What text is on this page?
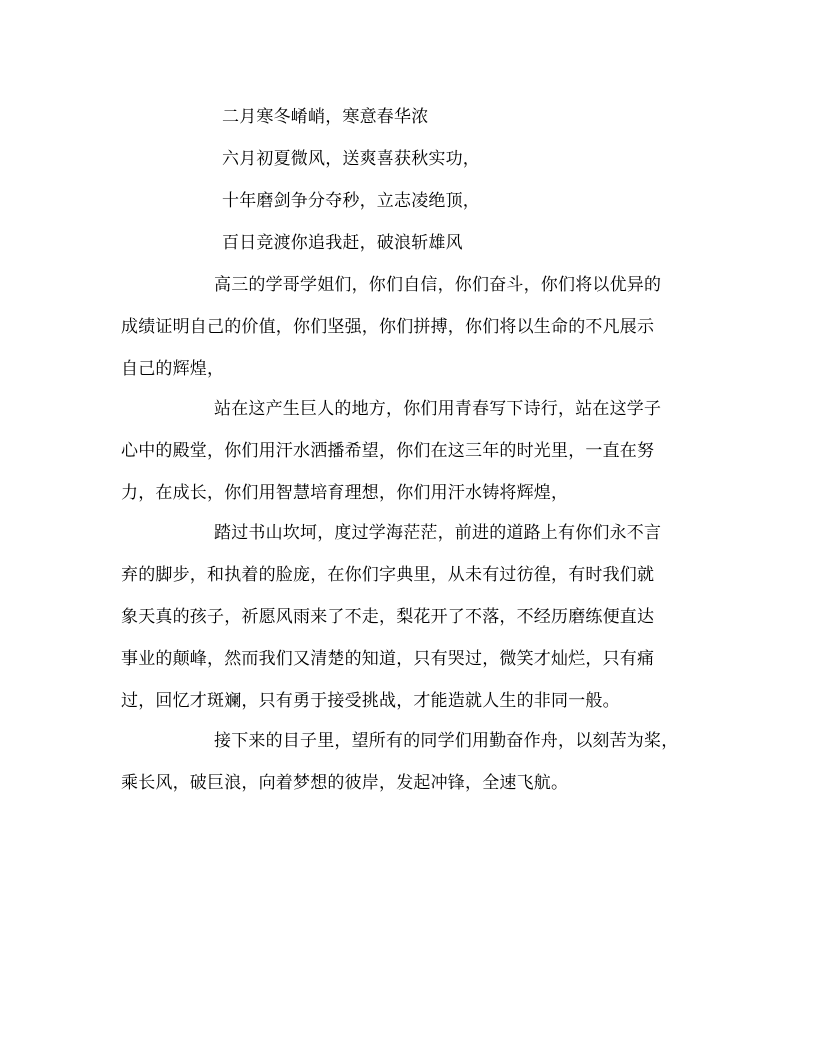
二月寒冬崤峭，寒意春华浓
六月初夏微风，送爽喜获秋实功，
十年磨剑争分夺秒，立志凌绝顶，
百日竞渡你追我赶，破浪斩雄风
高三的学哥学姐们，你们自信，你们奋斗，你们将以优异的
成绩证明自己的价值，你们坚强，你们拼搏，你们将以生命的不凡展示
自己的辉煌，
站在这产生巨人的地方，你们用青春写下诗行，站在这学子
心中的殿堂，你们用汗水洒播希望，你们在这三年的时光里，一直在努
力，在成长，你们用智慧培育理想，你们用汗水铸将辉煌，
踏过书山坎坷，度过学海茫茫，前进的道路上有你们永不言
弃的脚步，和执着的脸庞，在你们字典里，从未有过彷徨，有时我们就
象天真的孩子，祈愿风雨来了不走，梨花开了不落，不经历磨练便直达
事业的颠峰，然而我们又清楚的知道，只有哭过，微笑才灿烂，只有痛
过，回忆才斑斓，只有勇于接受挑战，才能造就人生的非同一般。
接下来的目子里，望所有的同学们用勤奋作舟，以刻苦为桨，
乘长风，破巨浪，向着梦想的彼岸，发起冲锋，全速飞航。
